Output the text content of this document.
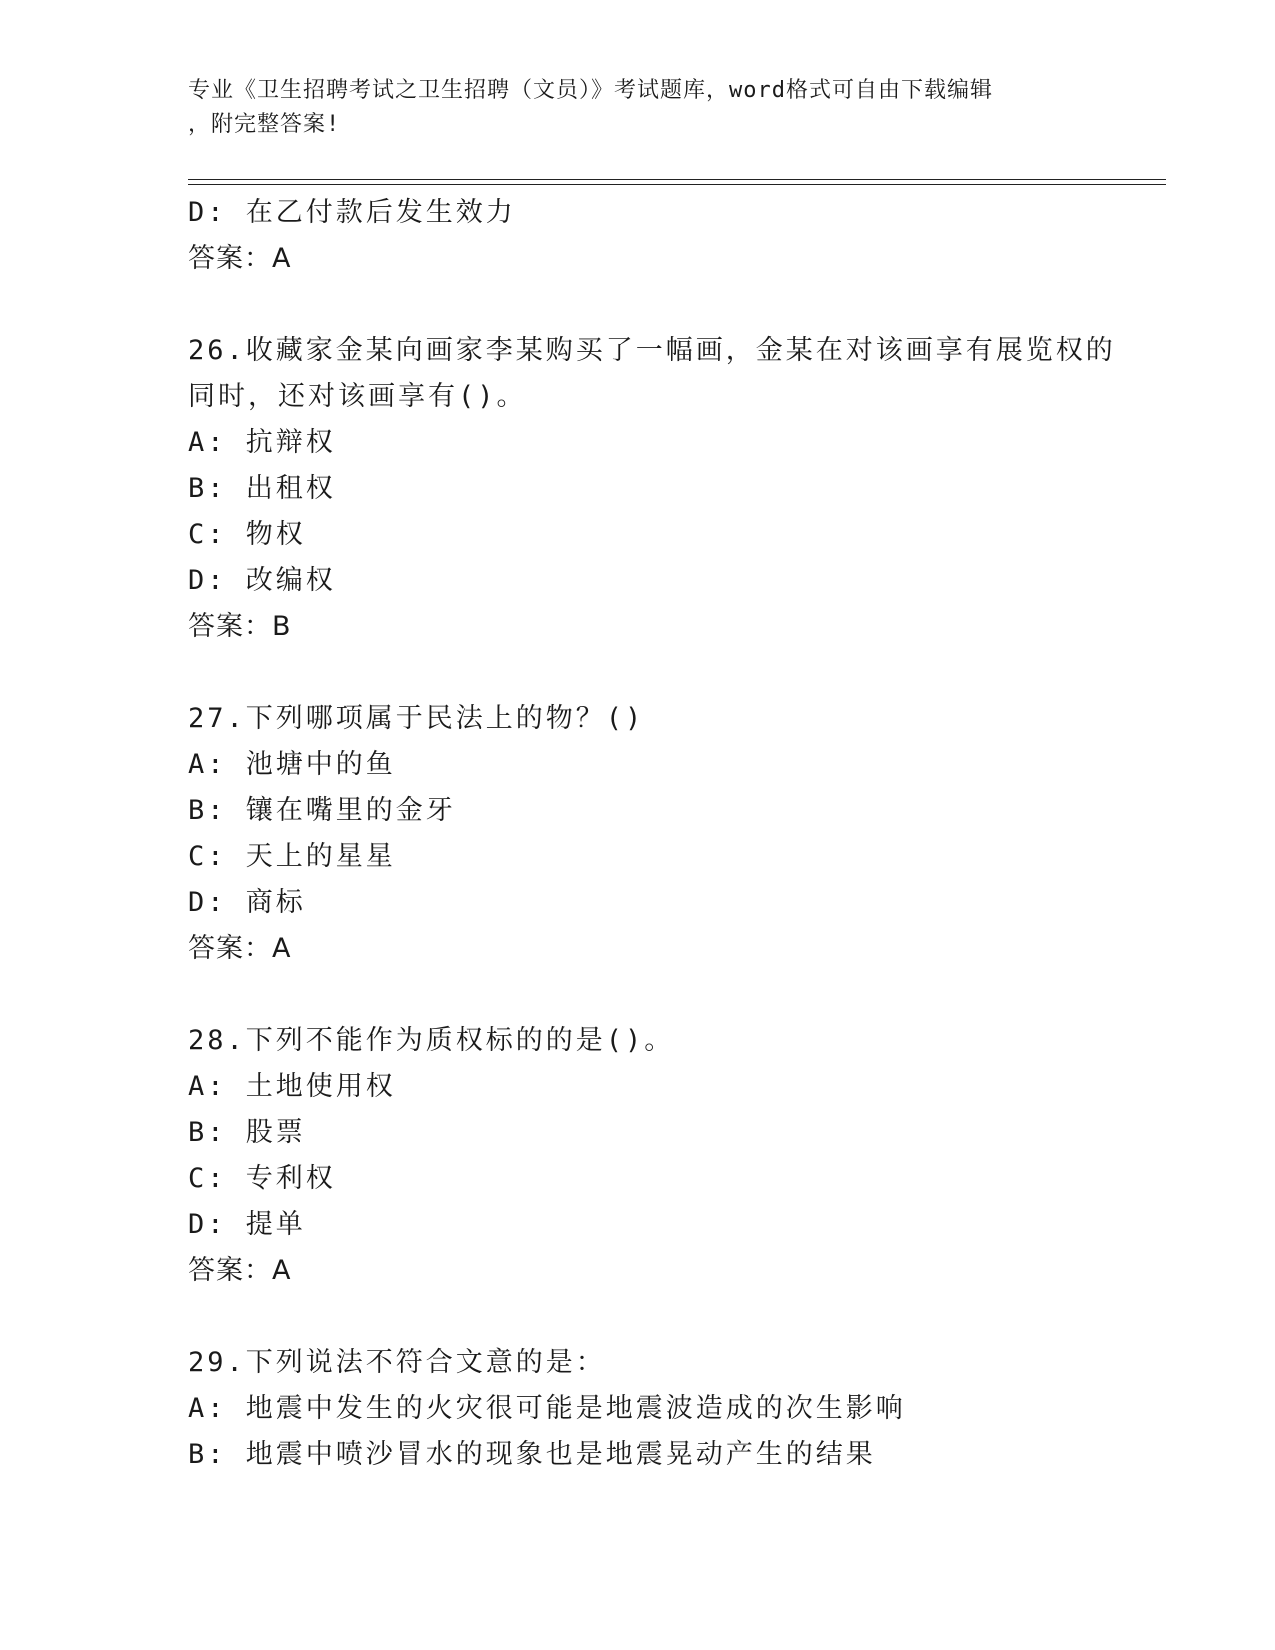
专业《卫生招聘考试之卫生招聘（文员）》考试题库，word格式可自由下载编辑
，附完整答案!
D: 在乙付款后发生效力
答案：A
26.收藏家金某向画家李某购买了一幅画，金某在对该画享有展览权的
同时，还对该画享有()。
A: 抗辩权
B: 出租权
C: 物权
D: 改编权
答案：B
27.下列哪项属于民法上的物？()
A: 池塘中的鱼
B: 镶在嘴里的金牙
C: 天上的星星
D: 商标
答案：A
28.下列不能作为质权标的的是()。
A: 土地使用权
B: 股票
C: 专利权
D: 提单
答案：A
29.下列说法不符合文意的是：
A: 地震中发生的火灾很可能是地震波造成的次生影响
B: 地震中喷沙冒水的现象也是地震晃动产生的结果
